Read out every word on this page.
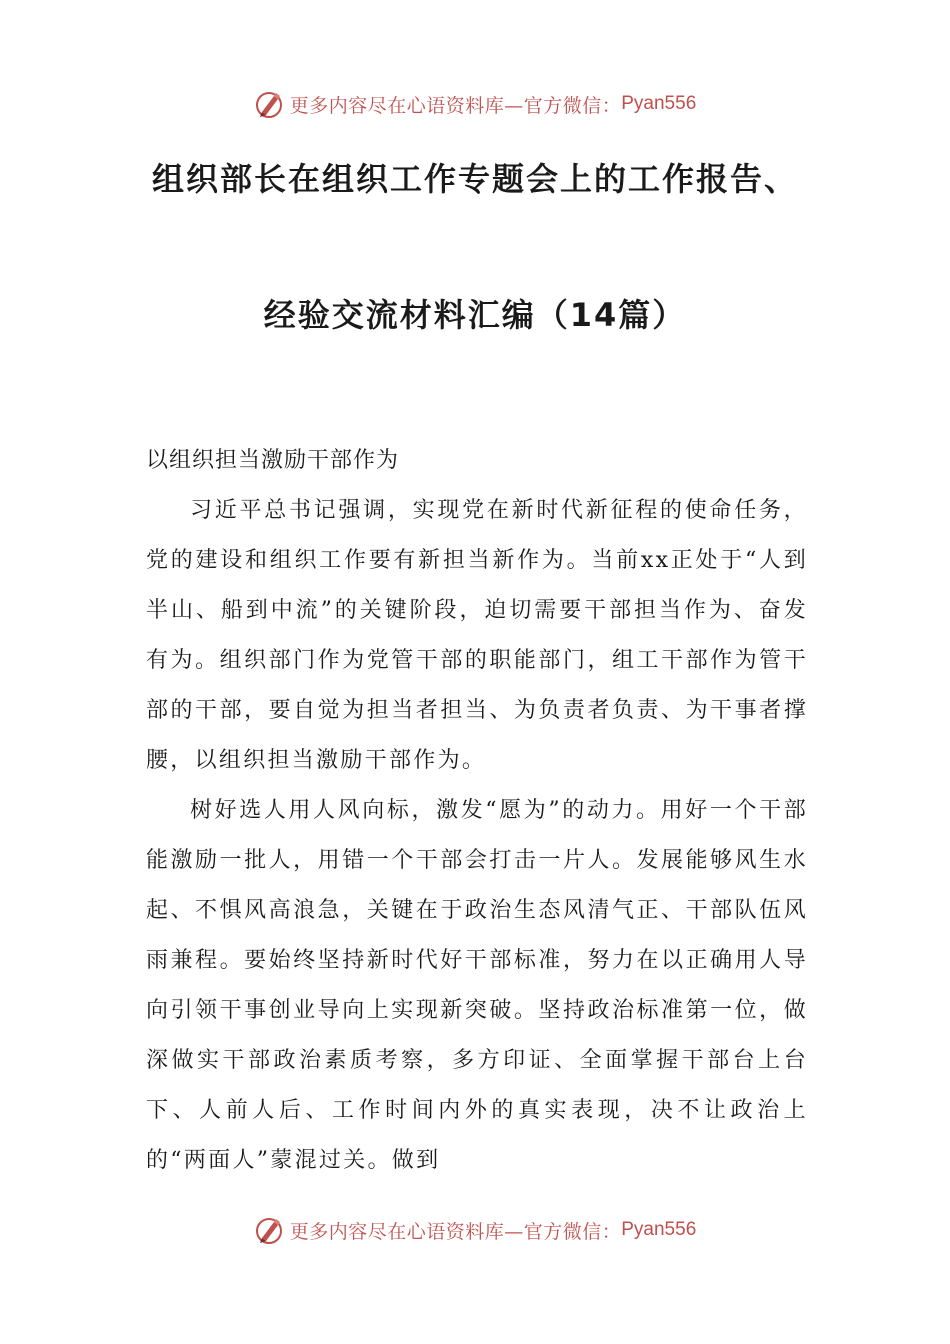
更多内容尽在心语资料库—官方微信： Pyan556
组织部长在组织工作专题会上的工作报告、
经验交流材料汇编（14篇）

以组织担当激励干部作为

习近平总书记强调，实现党在新时代新征程的使命任务，党的建设和组织工作要有新担当新作为。当前xx正处于“人到半山、船到中流”的关键阶段，迫切需要干部担当作为、奋发有为。组织部门作为党管干部的职能部门，组工干部作为管干部的干部，要自觉为担当者担当、为负责者负责、为干事者撑腰，以组织担当激励干部作为。

树好选人用人风向标，激发“愿为”的动力。用好一个干部能激励一批人，用错一个干部会打击一片人。发展能够风生水起、不惧风高浪急，关键在于政治生态风清气正、干部队伍风雨兼程。要始终坚持新时代好干部标准，努力在以正确用人导向引领干事创业导向上实现新突破。坚持政治标准第一位，做深做实干部政治素质考察，多方印证、全面掌握干部台上台下、人前人后、工作时间内外的真实表现，决不让政治上的“两面人”蒙混过关。做到

更多内容尽在心语资料库—官方微信： Pyan556
